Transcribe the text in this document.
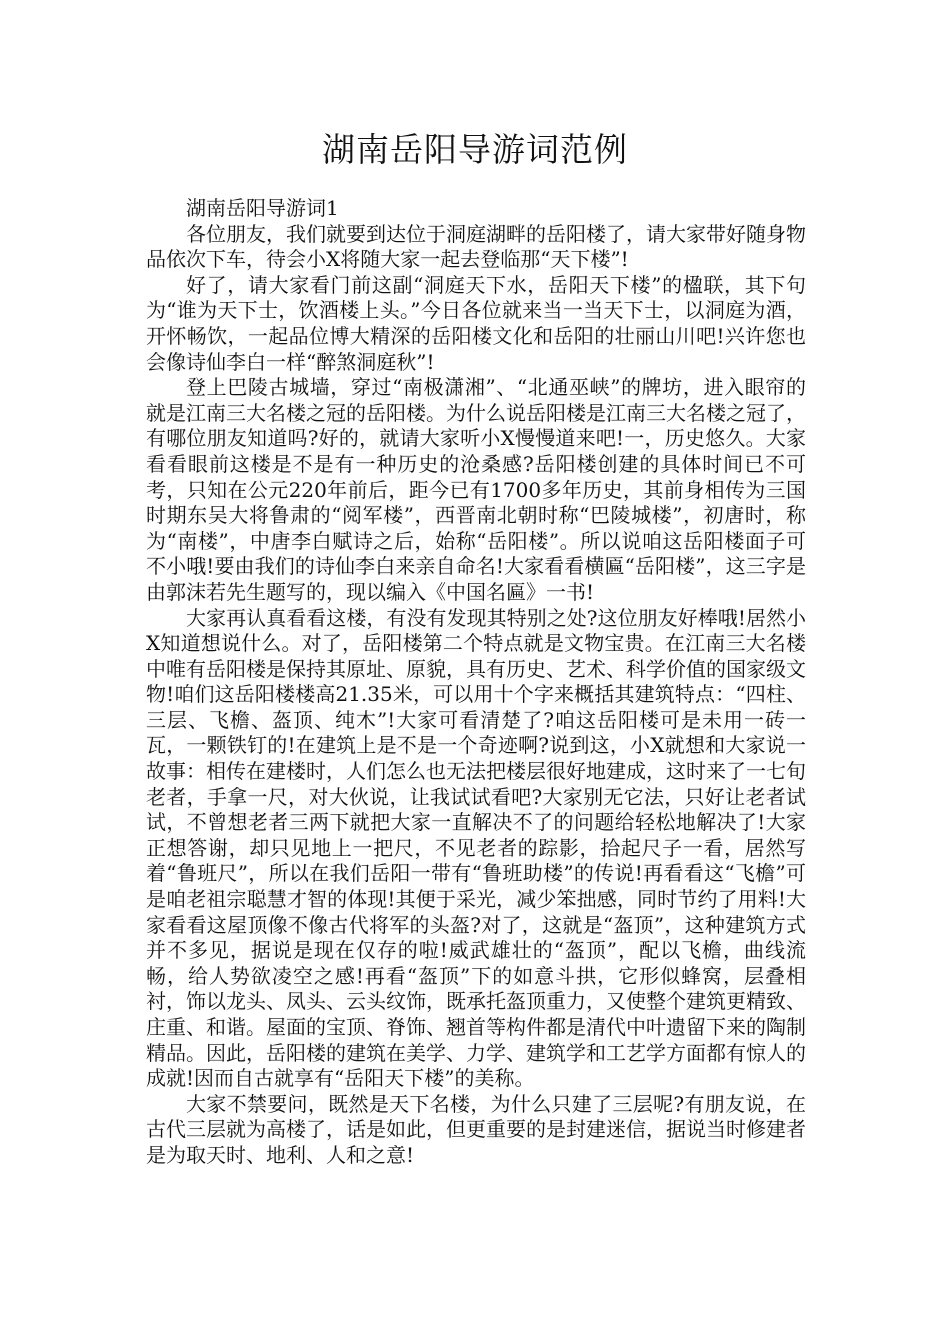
湖南岳阳导游词范例

湖南岳阳导游词1

各位朋友，我们就要到达位于洞庭湖畔的岳阳楼了，请大家带好随身物品依次下车，待会小X将随大家一起去登临那“天下楼”!

好了，请大家看门前这副“洞庭天下水，岳阳天下楼”的楹联，其下句为“谁为天下士，饮酒楼上头。”今日各位就来当一当天下士，以洞庭为酒，开怀畅饮，一起品位博大精深的岳阳楼文化和岳阳的壮丽山川吧!兴许您也会像诗仙李白一样“醉煞洞庭秋”!

登上巴陵古城墙，穿过“南极潇湘”、“北通巫峡”的牌坊，进入眼帘的就是江南三大名楼之冠的岳阳楼。为什么说岳阳楼是江南三大名楼之冠了，有哪位朋友知道吗?好的，就请大家听小X慢慢道来吧!一，历史悠久。大家看看眼前这楼是不是有一种历史的沧桑感?岳阳楼创建的具体时间已不可考，只知在公元220年前后，距今已有1700多年历史，其前身相传为三国时期东吴大将鲁肃的“阅军楼”，西晋南北朝时称“巴陵城楼”，初唐时，称为“南楼”，中唐李白赋诗之后，始称“岳阳楼”。所以说咱这岳阳楼面子可不小哦!要由我们的诗仙李白来亲自命名!大家看看横匾“岳阳楼”，这三字是由郭沫若先生题写的，现以编入《中国名匾》一书!

大家再认真看看这楼，有没有发现其特别之处?这位朋友好棒哦!居然小X知道想说什么。对了，岳阳楼第二个特点就是文物宝贵。在江南三大名楼中唯有岳阳楼是保持其原址、原貌，具有历史、艺术、科学价值的国家级文物!咱们这岳阳楼楼高21.35米，可以用十个字来概括其建筑特点：“四柱、三层、飞檐、盔顶、纯木”!大家可看清楚了?咱这岳阳楼可是未用一砖一瓦，一颗铁钉的!在建筑上是不是一个奇迹啊?说到这，小X就想和大家说一故事：相传在建楼时，人们怎么也无法把楼层很好地建成，这时来了一七旬老者，手拿一尺，对大伙说，让我试试看吧?大家别无它法，只好让老者试试，不曾想老者三两下就把大家一直解决不了的问题给轻松地解决了!大家正想答谢，却只见地上一把尺，不见老者的踪影，拾起尺子一看，居然写着“鲁班尺”，所以在我们岳阳一带有“鲁班助楼”的传说!再看看这“飞檐”可是咱老祖宗聪慧才智的体现!其便于采光，减少笨拙感，同时节约了用料!大家看看这屋顶像不像古代将军的头盔?对了，这就是“盔顶”，这种建筑方式并不多见，据说是现在仅存的啦!威武雄壮的“盔顶”，配以飞檐，曲线流畅，给人势欲凌空之感!再看“盔顶”下的如意斗拱，它形似蜂窝，层叠相衬，饰以龙头、凤头、云头纹饰，既承托盔顶重力，又使整个建筑更精致、庄重、和谐。屋面的宝顶、脊饰、翘首等构件都是清代中叶遗留下来的陶制精品。因此，岳阳楼的建筑在美学、力学、建筑学和工艺学方面都有惊人的成就!因而自古就享有“岳阳天下楼”的美称。

大家不禁要问，既然是天下名楼，为什么只建了三层呢?有朋友说，在古代三层就为高楼了，话是如此，但更重要的是封建迷信，据说当时修建者是为取天时、地利、人和之意!
